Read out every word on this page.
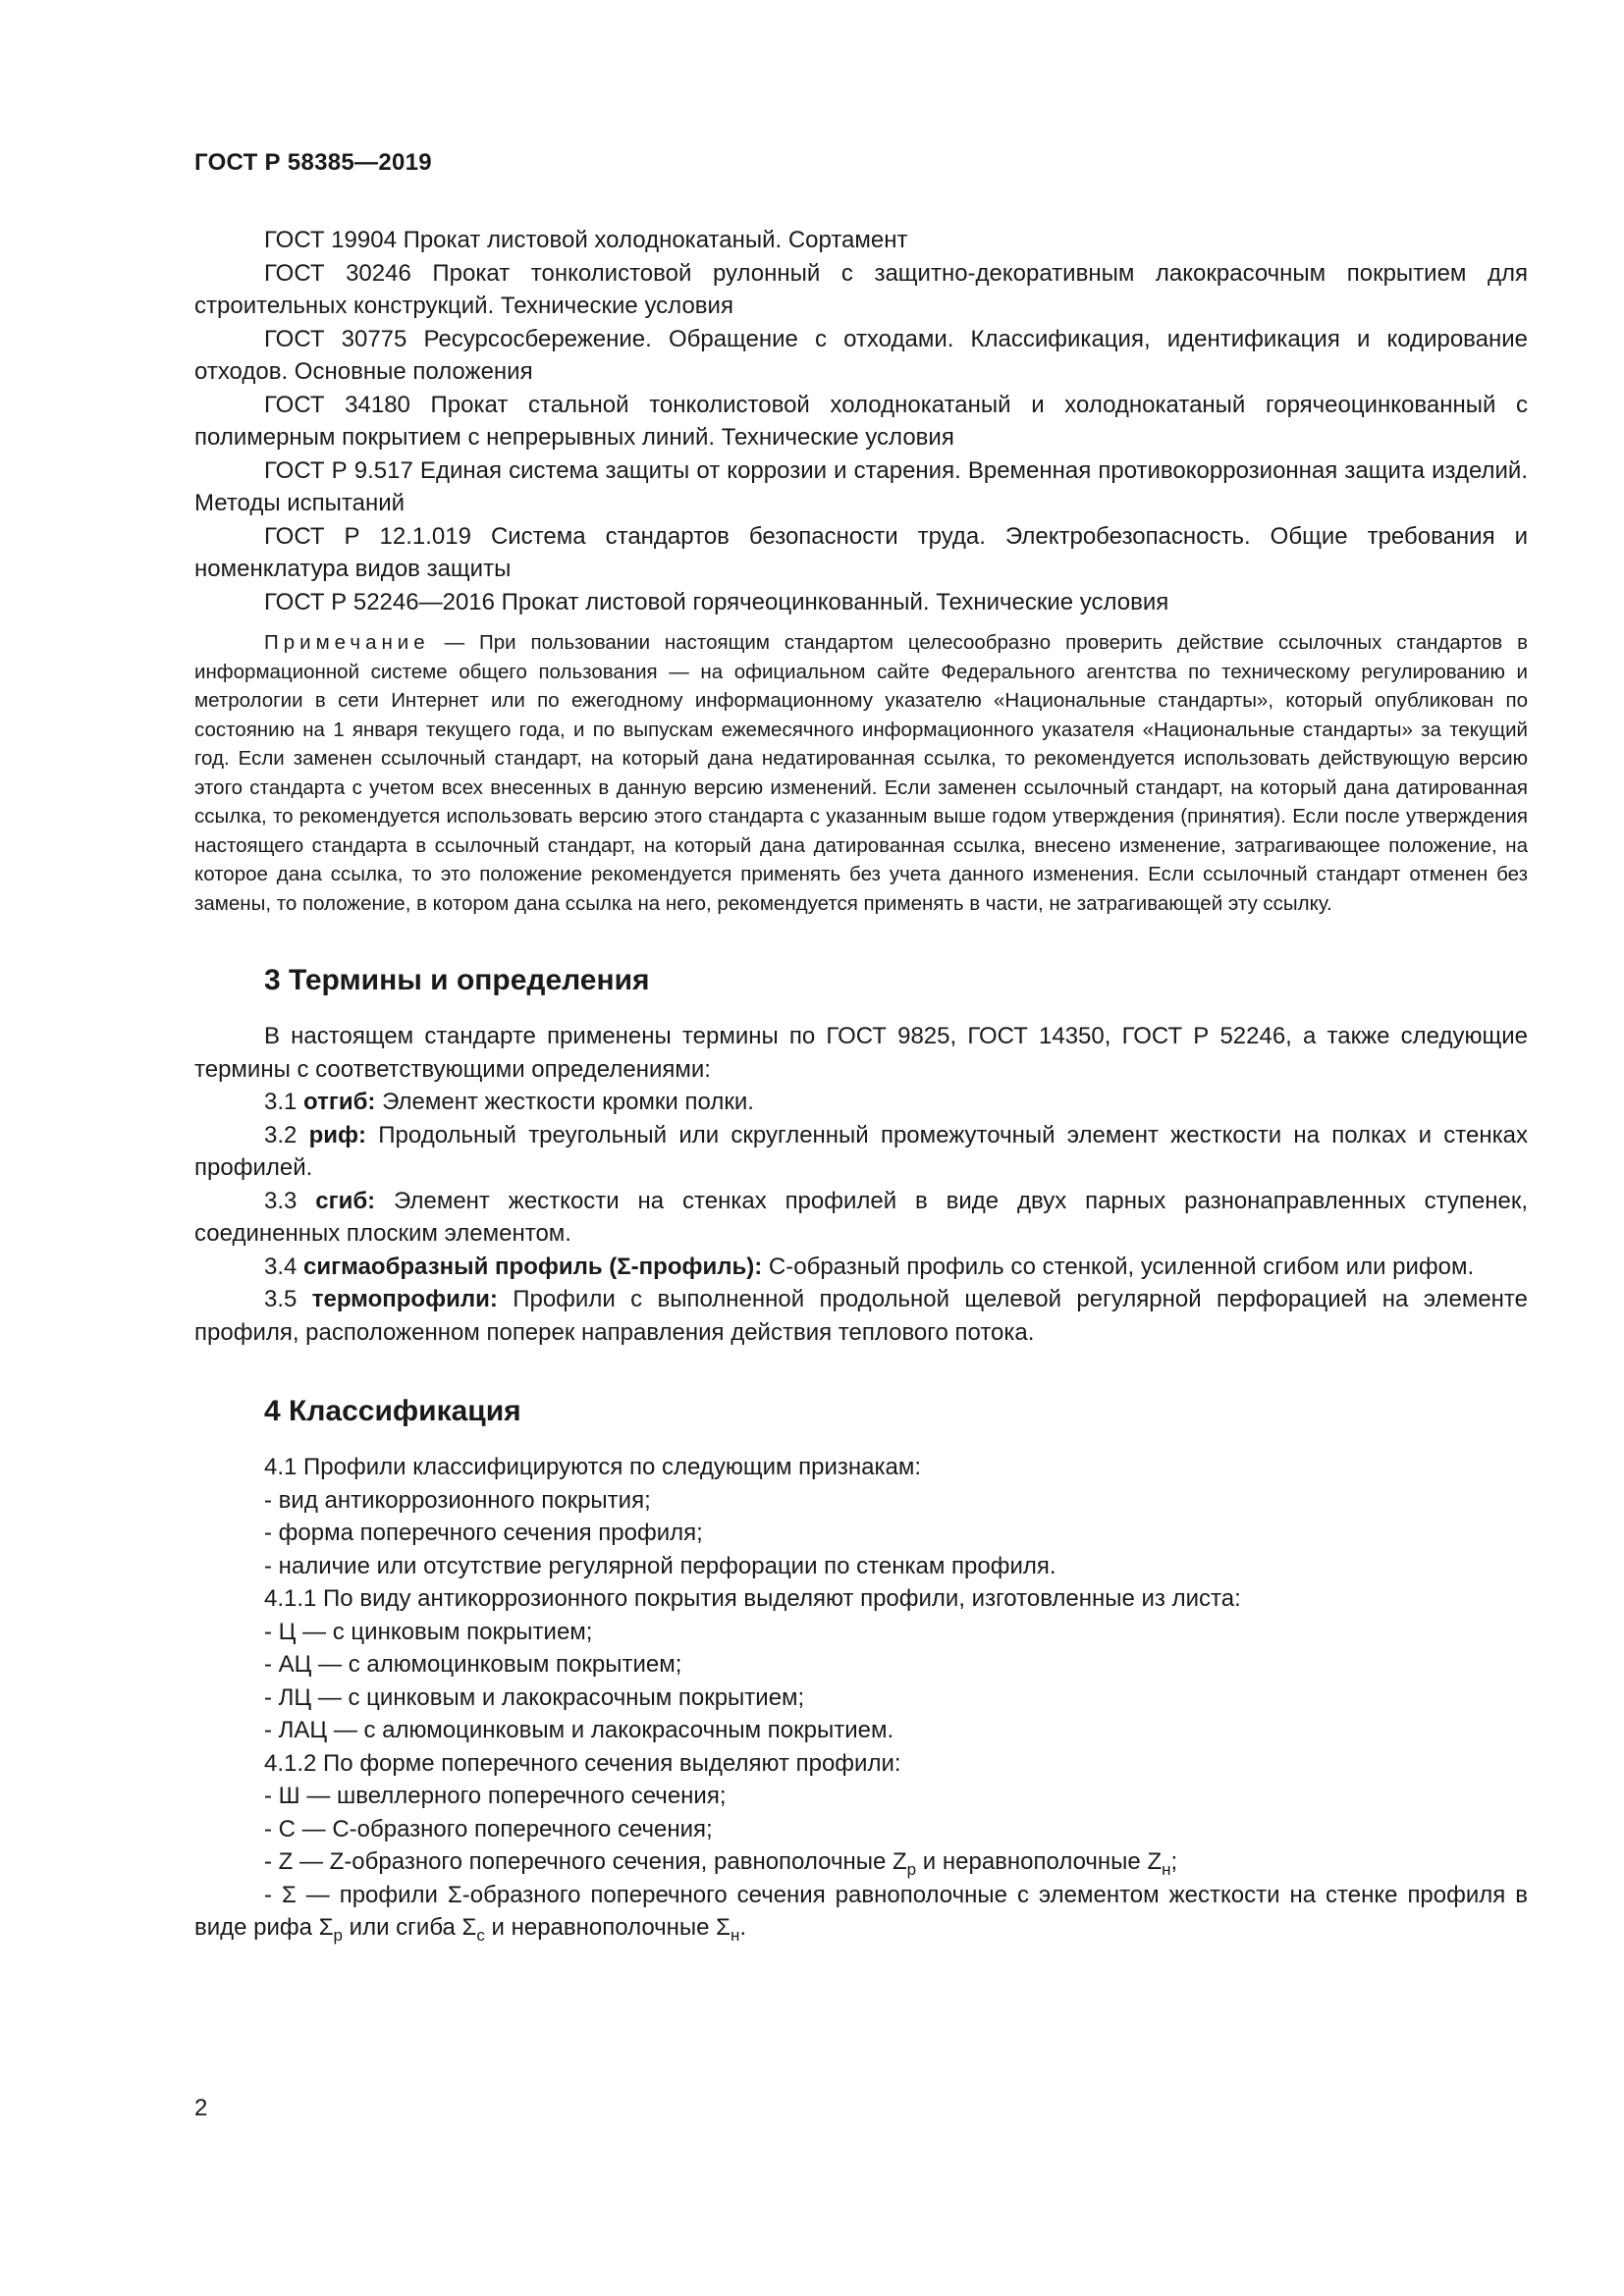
ГОСТ Р 58385—2019

ГОСТ 19904 Прокат листовой холоднокатаный. Сортамент

ГОСТ 30246 Прокат тонколистовой рулонный с защитно-декоративным лакокрасочным покрытием для строительных конструкций. Технические условия

ГОСТ 30775 Ресурсосбережение. Обращение с отходами. Классификация, идентификация и кодирование отходов. Основные положения

ГОСТ 34180 Прокат стальной тонколистовой холоднокатаный и холоднокатаный горячеоцинкованный с полимерным покрытием с непрерывных линий. Технические условия

ГОСТ Р 9.517 Единая система защиты от коррозии и старения. Временная противокоррозионная защита изделий. Методы испытаний

ГОСТ Р 12.1.019 Система стандартов безопасности труда. Электробезопасность. Общие требования и номенклатура видов защиты

ГОСТ Р 52246—2016 Прокат листовой горячеоцинкованный. Технические условия

Примечание — При пользовании настоящим стандартом целесообразно проверить действие ссылочных стандартов в информационной системе общего пользования — на официальном сайте Федерального агентства по техническому регулированию и метрологии в сети Интернет или по ежегодному информационному указателю «Национальные стандарты», который опубликован по состоянию на 1 января текущего года, и по выпускам ежемесячного информационного указателя «Национальные стандарты» за текущий год. Если заменен ссылочный стандарт, на который дана недатированная ссылка, то рекомендуется использовать действующую версию этого стандарта с учетом всех внесенных в данную версию изменений. Если заменен ссылочный стандарт, на который дана датированная ссылка, то рекомендуется использовать версию этого стандарта с указанным выше годом утверждения (принятия). Если после утверждения настоящего стандарта в ссылочный стандарт, на который дана датированная ссылка, внесено изменение, затрагивающее положение, на которое дана ссылка, то это положение рекомендуется применять без учета данного изменения. Если ссылочный стандарт отменен без замены, то положение, в котором дана ссылка на него, рекомендуется применять в части, не затрагивающей эту ссылку.

3 Термины и определения

В настоящем стандарте применены термины по ГОСТ 9825, ГОСТ 14350, ГОСТ Р 52246, а также следующие термины с соответствующими определениями:

3.1 отгиб: Элемент жесткости кромки полки.

3.2 риф: Продольный треугольный или скругленный промежуточный элемент жесткости на полках и стенках профилей.

3.3 сгиб: Элемент жесткости на стенках профилей в виде двух парных разнонаправленных ступенек, соединенных плоским элементом.

3.4 сигмаобразный профиль (Σ-профиль): С-образный профиль со стенкой, усиленной сгибом или рифом.

3.5 термопрофили: Профили с выполненной продольной щелевой регулярной перфорацией на элементе профиля, расположенном поперек направления действия теплового потока.

4 Классификация

4.1 Профили классифицируются по следующим признакам:

- вид антикоррозионного покрытия;

- форма поперечного сечения профиля;

- наличие или отсутствие регулярной перфорации по стенкам профиля.

4.1.1 По виду антикоррозионного покрытия выделяют профили, изготовленные из листа:

- Ц — с цинковым покрытием;

- АЦ — с алюмоцинковым покрытием;

- ЛЦ — с цинковым и лакокрасочным покрытием;

- ЛАЦ — с алюмоцинковым и лакокрасочным покрытием.

4.1.2 По форме поперечного сечения выделяют профили:

- Ш — швеллерного поперечного сечения;

- С — С-образного поперечного сечения;

- Z — Z-образного поперечного сечения, равнополочные $Z_р$ и неравнополочные $Z_н$;

- Σ — профили Σ-образного поперечного сечения равнополочные с элементом жесткости на стенке профиля в виде рифа $\Sigma_р$ или сгиба $\Sigma_с$ и неравнополочные $\Sigma_н$.

2
